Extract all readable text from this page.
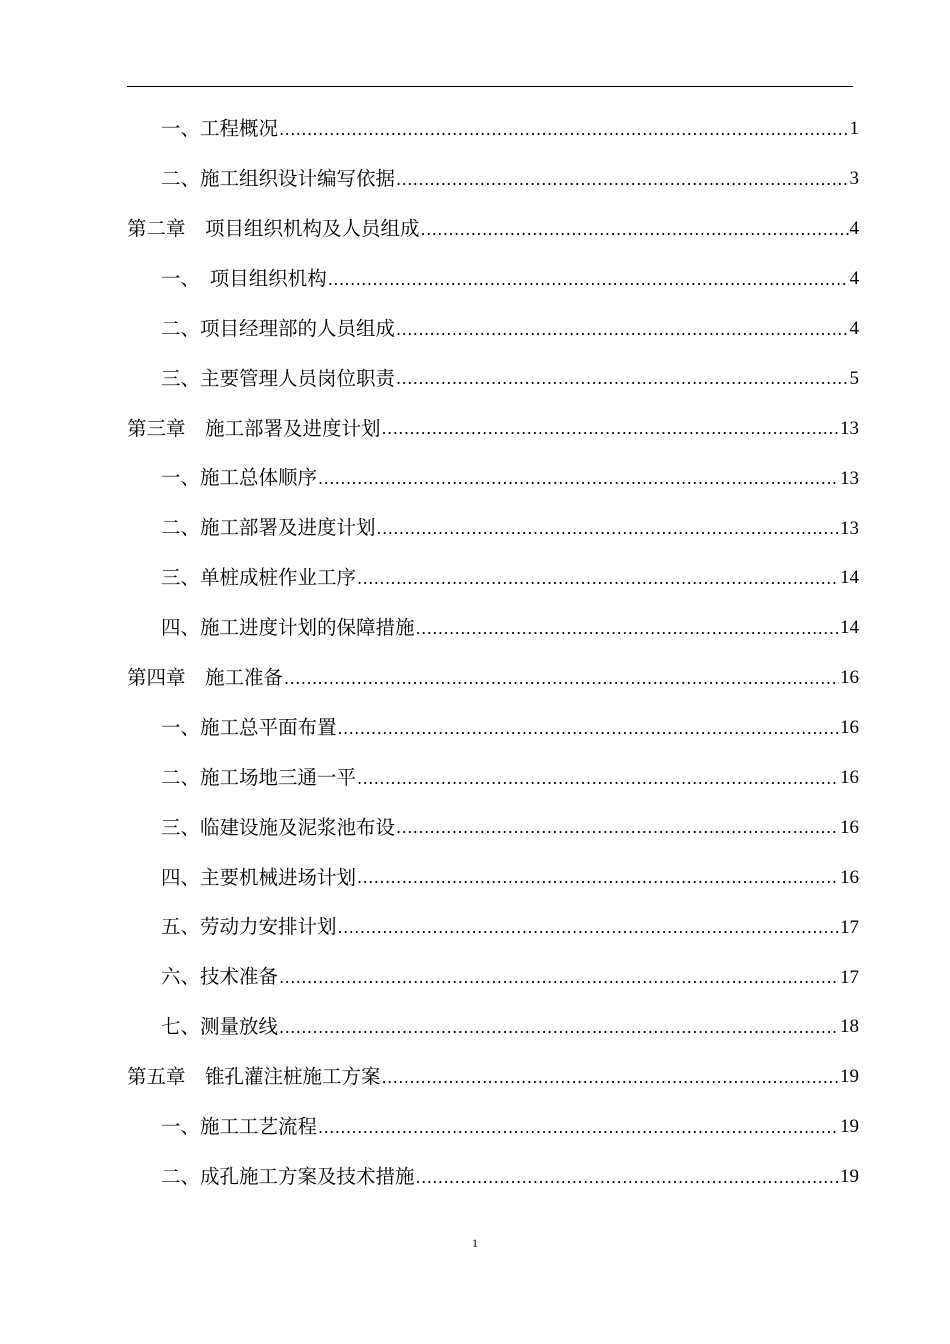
一、工程概况 .....	1
二、施工组织设计编写依据 .....	3
第二章　项目组织机构及人员组成 .....	4
一、　项目组织机构 .....	4
二、项目经理部的人员组成 .....	4
三、主要管理人员岗位职责 .....	5
第三章　施工部署及进度计划 .....	13
一、施工总体顺序 .....	13
二、施工部署及进度计划 .....	13
三、单桩成桩作业工序 .....	14
四、施工进度计划的保障措施 .....	14
第四章　施工准备 .....	16
一、施工总平面布置 .....	16
二、施工场地三通一平 .....	16
三、临建设施及泥浆池布设 .....	16
四、主要机械进场计划 .....	16
五、劳动力安排计划 .....	17
六、技术准备 .....	17
七、测量放线 .....	18
第五章　锥孔灌注桩施工方案 .....	19
一、施工工艺流程 .....	19
二、成孔施工方案及技术措施 .....	19
1
